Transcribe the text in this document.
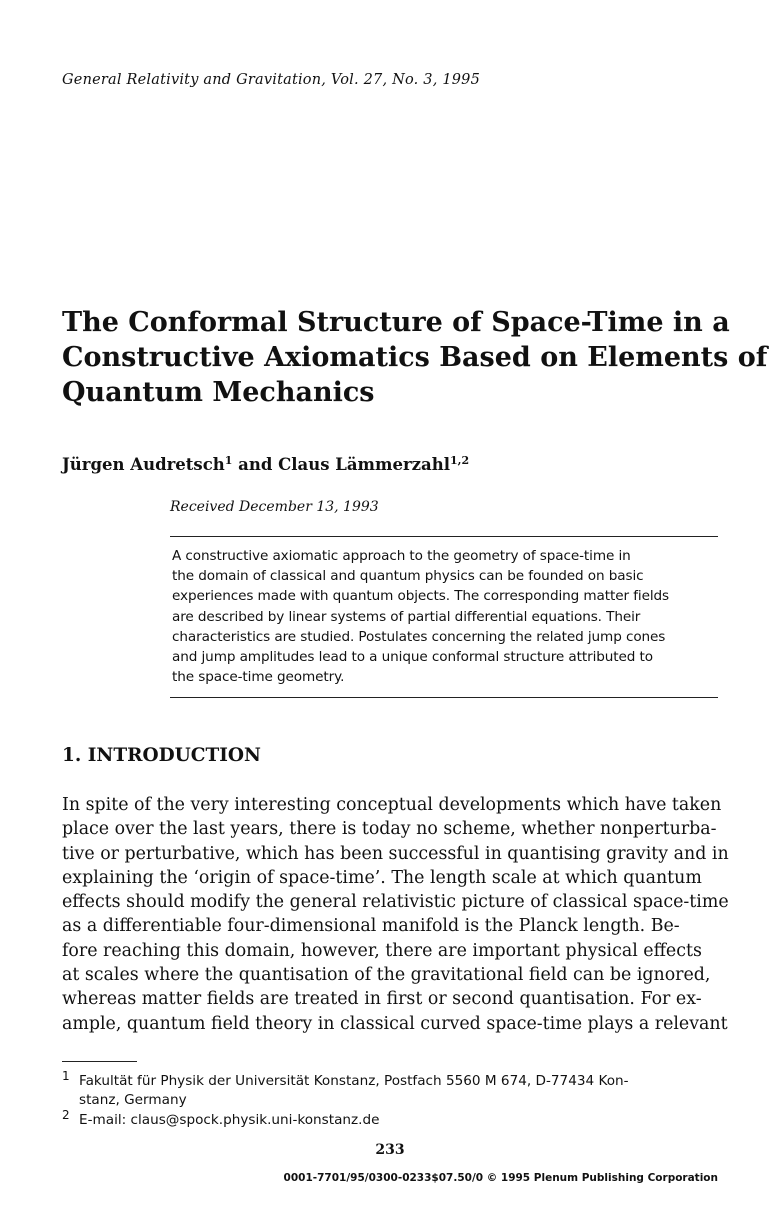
General Relativity and Gravitation, Vol. 27, No. 3, 1995
The Conformal Structure of Space-Time in a
Constructive Axiomatics Based on Elements of
Quantum Mechanics
Jürgen Audretsch$^1$ and Claus Lämmerzahl$^{1,2}$
Received December 13, 1993
A constructive axiomatic approach to the geometry of space-time in
the domain of classical and quantum physics can be founded on basic
experiences made with quantum objects. The corresponding matter fields
are described by linear systems of partial differential equations. Their
characteristics are studied. Postulates concerning the related jump cones
and jump amplitudes lead to a unique conformal structure attributed to
the space-time geometry.
1. INTRODUCTION
In spite of the very interesting conceptual developments which have taken
place over the last years, there is today no scheme, whether nonperturba-
tive or perturbative, which has been successful in quantising gravity and in
explaining the ‘origin of space-time’. The length scale at which quantum
effects should modify the general relativistic picture of classical space-time
as a differentiable four-dimensional manifold is the Planck length. Be-
fore reaching this domain, however, there are important physical effects
at scales where the quantisation of the gravitational field can be ignored,
whereas matter fields are treated in first or second quantisation. For ex-
ample, quantum field theory in classical curved space-time plays a relevant
1 Fakultät für Physik der Universität Konstanz, Postfach 5560 M 674, D-77434 Kon-
stanz, Germany
2 E-mail: claus@spock.physik.uni-konstanz.de
233
0001-7701/95/0300-0233$07.50/0 © 1995 Plenum Publishing Corporation
